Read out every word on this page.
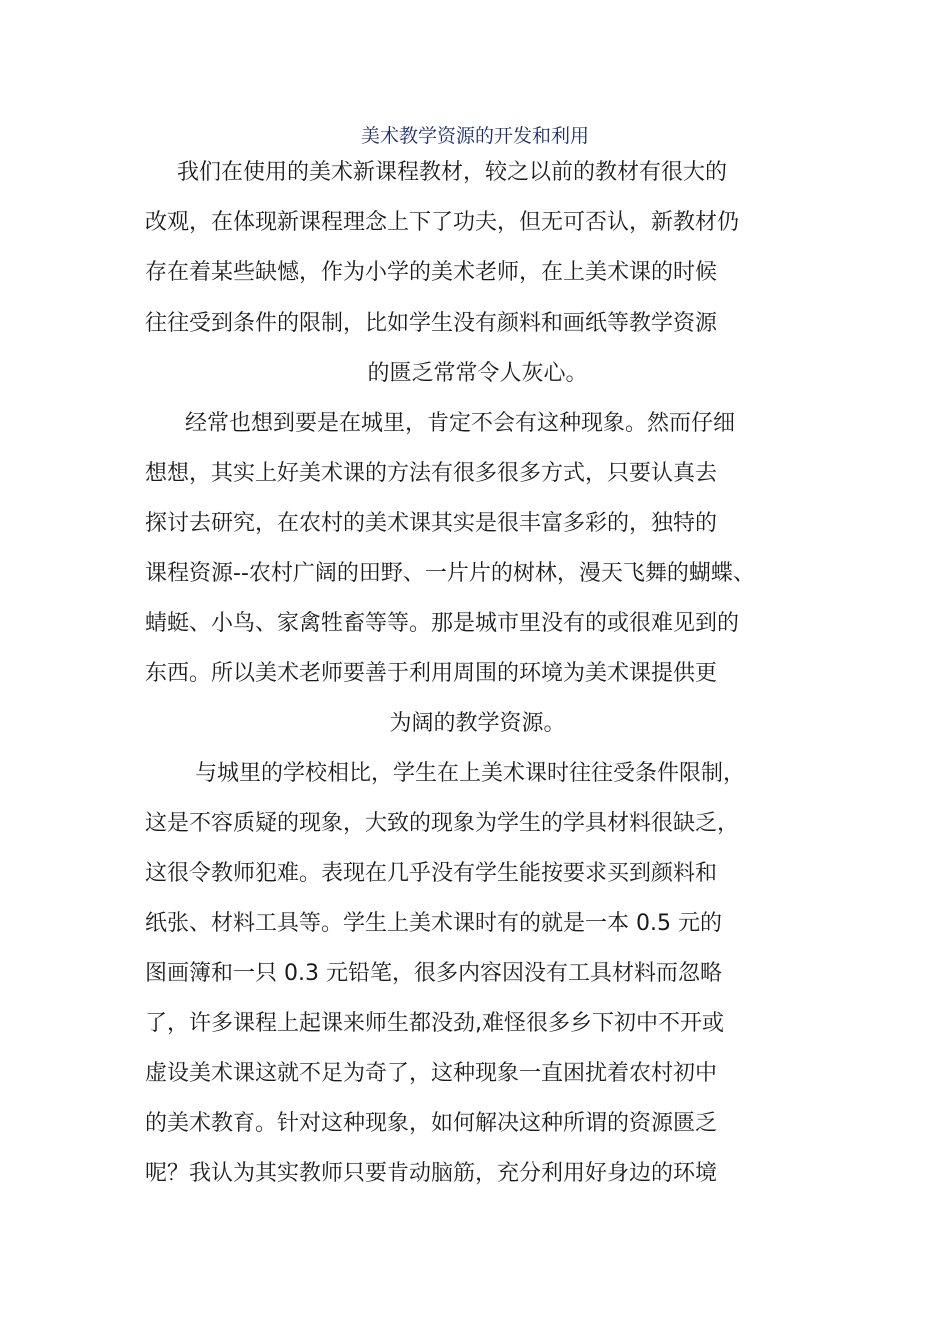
美术教学资源的开发和利用
我们在使用的美术新课程教材，较之以前的教材有很大的
改观，在体现新课程理念上下了功夫，但无可否认，新教材仍
存在着某些缺憾，作为小学的美术老师，在上美术课的时候
往往受到条件的限制，比如学生没有颜料和画纸等教学资源
的匮乏常常令人灰心。
经常也想到要是在城里，肯定不会有这种现象。然而仔细
想想，其实上好美术课的方法有很多很多方式，只要认真去
探讨去研究，在农村的美术课其实是很丰富多彩的，独特的
课程资源--农村广阔的田野、一片片的树林，漫天飞舞的蝴蝶、
蜻蜓、小鸟、家禽牲畜等等。那是城市里没有的或很难见到的
东西。所以美术老师要善于利用周围的环境为美术课提供更
为阔的教学资源。
与城里的学校相比，学生在上美术课时往往受条件限制，
这是不容质疑的现象，大致的现象为学生的学具材料很缺乏，
这很令教师犯难。表现在几乎没有学生能按要求买到颜料和
纸张、材料工具等。学生上美术课时有的就是一本 0.5 元的
图画簿和一只 0.3 元铅笔，很多内容因没有工具材料而忽略
了，许多课程上起课来师生都没劲,难怪很多乡下初中不开或
虚设美术课这就不足为奇了，这种现象一直困扰着农村初中
的美术教育。针对这种现象，如何解决这种所谓的资源匮乏
呢？我认为其实教师只要肯动脑筋，充分利用好身边的环境
